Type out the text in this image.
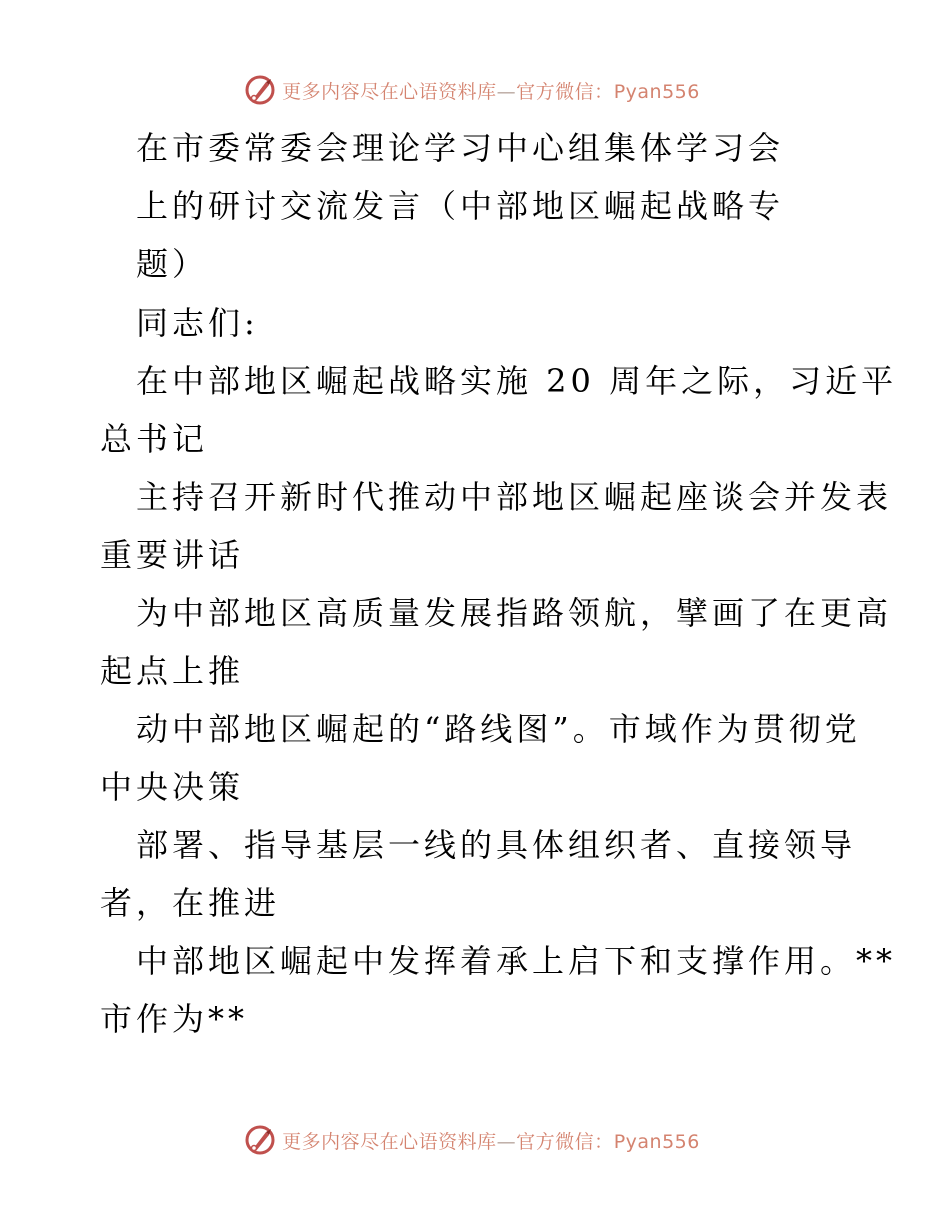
更多内容尽在心语资料库—官方微信：Pyan556
在市委常委会理论学习中心组集体学习会
上的研讨交流发言（中部地区崛起战略专
题）
同志们:
在中部地区崛起战略实施 20 周年之际，习近平
总书记
主持召开新时代推动中部地区崛起座谈会并发表
重要讲话
为中部地区高质量发展指路领航，擘画了在更高
起点上推
动中部地区崛起的“路线图”。市域作为贯彻党
中央决策
部署、指导基层一线的具体组织者、直接领导
者，在推进
中部地区崛起中发挥着承上启下和支撑作用。**
市作为**
更多内容尽在心语资料库—官方微信：Pyan556
